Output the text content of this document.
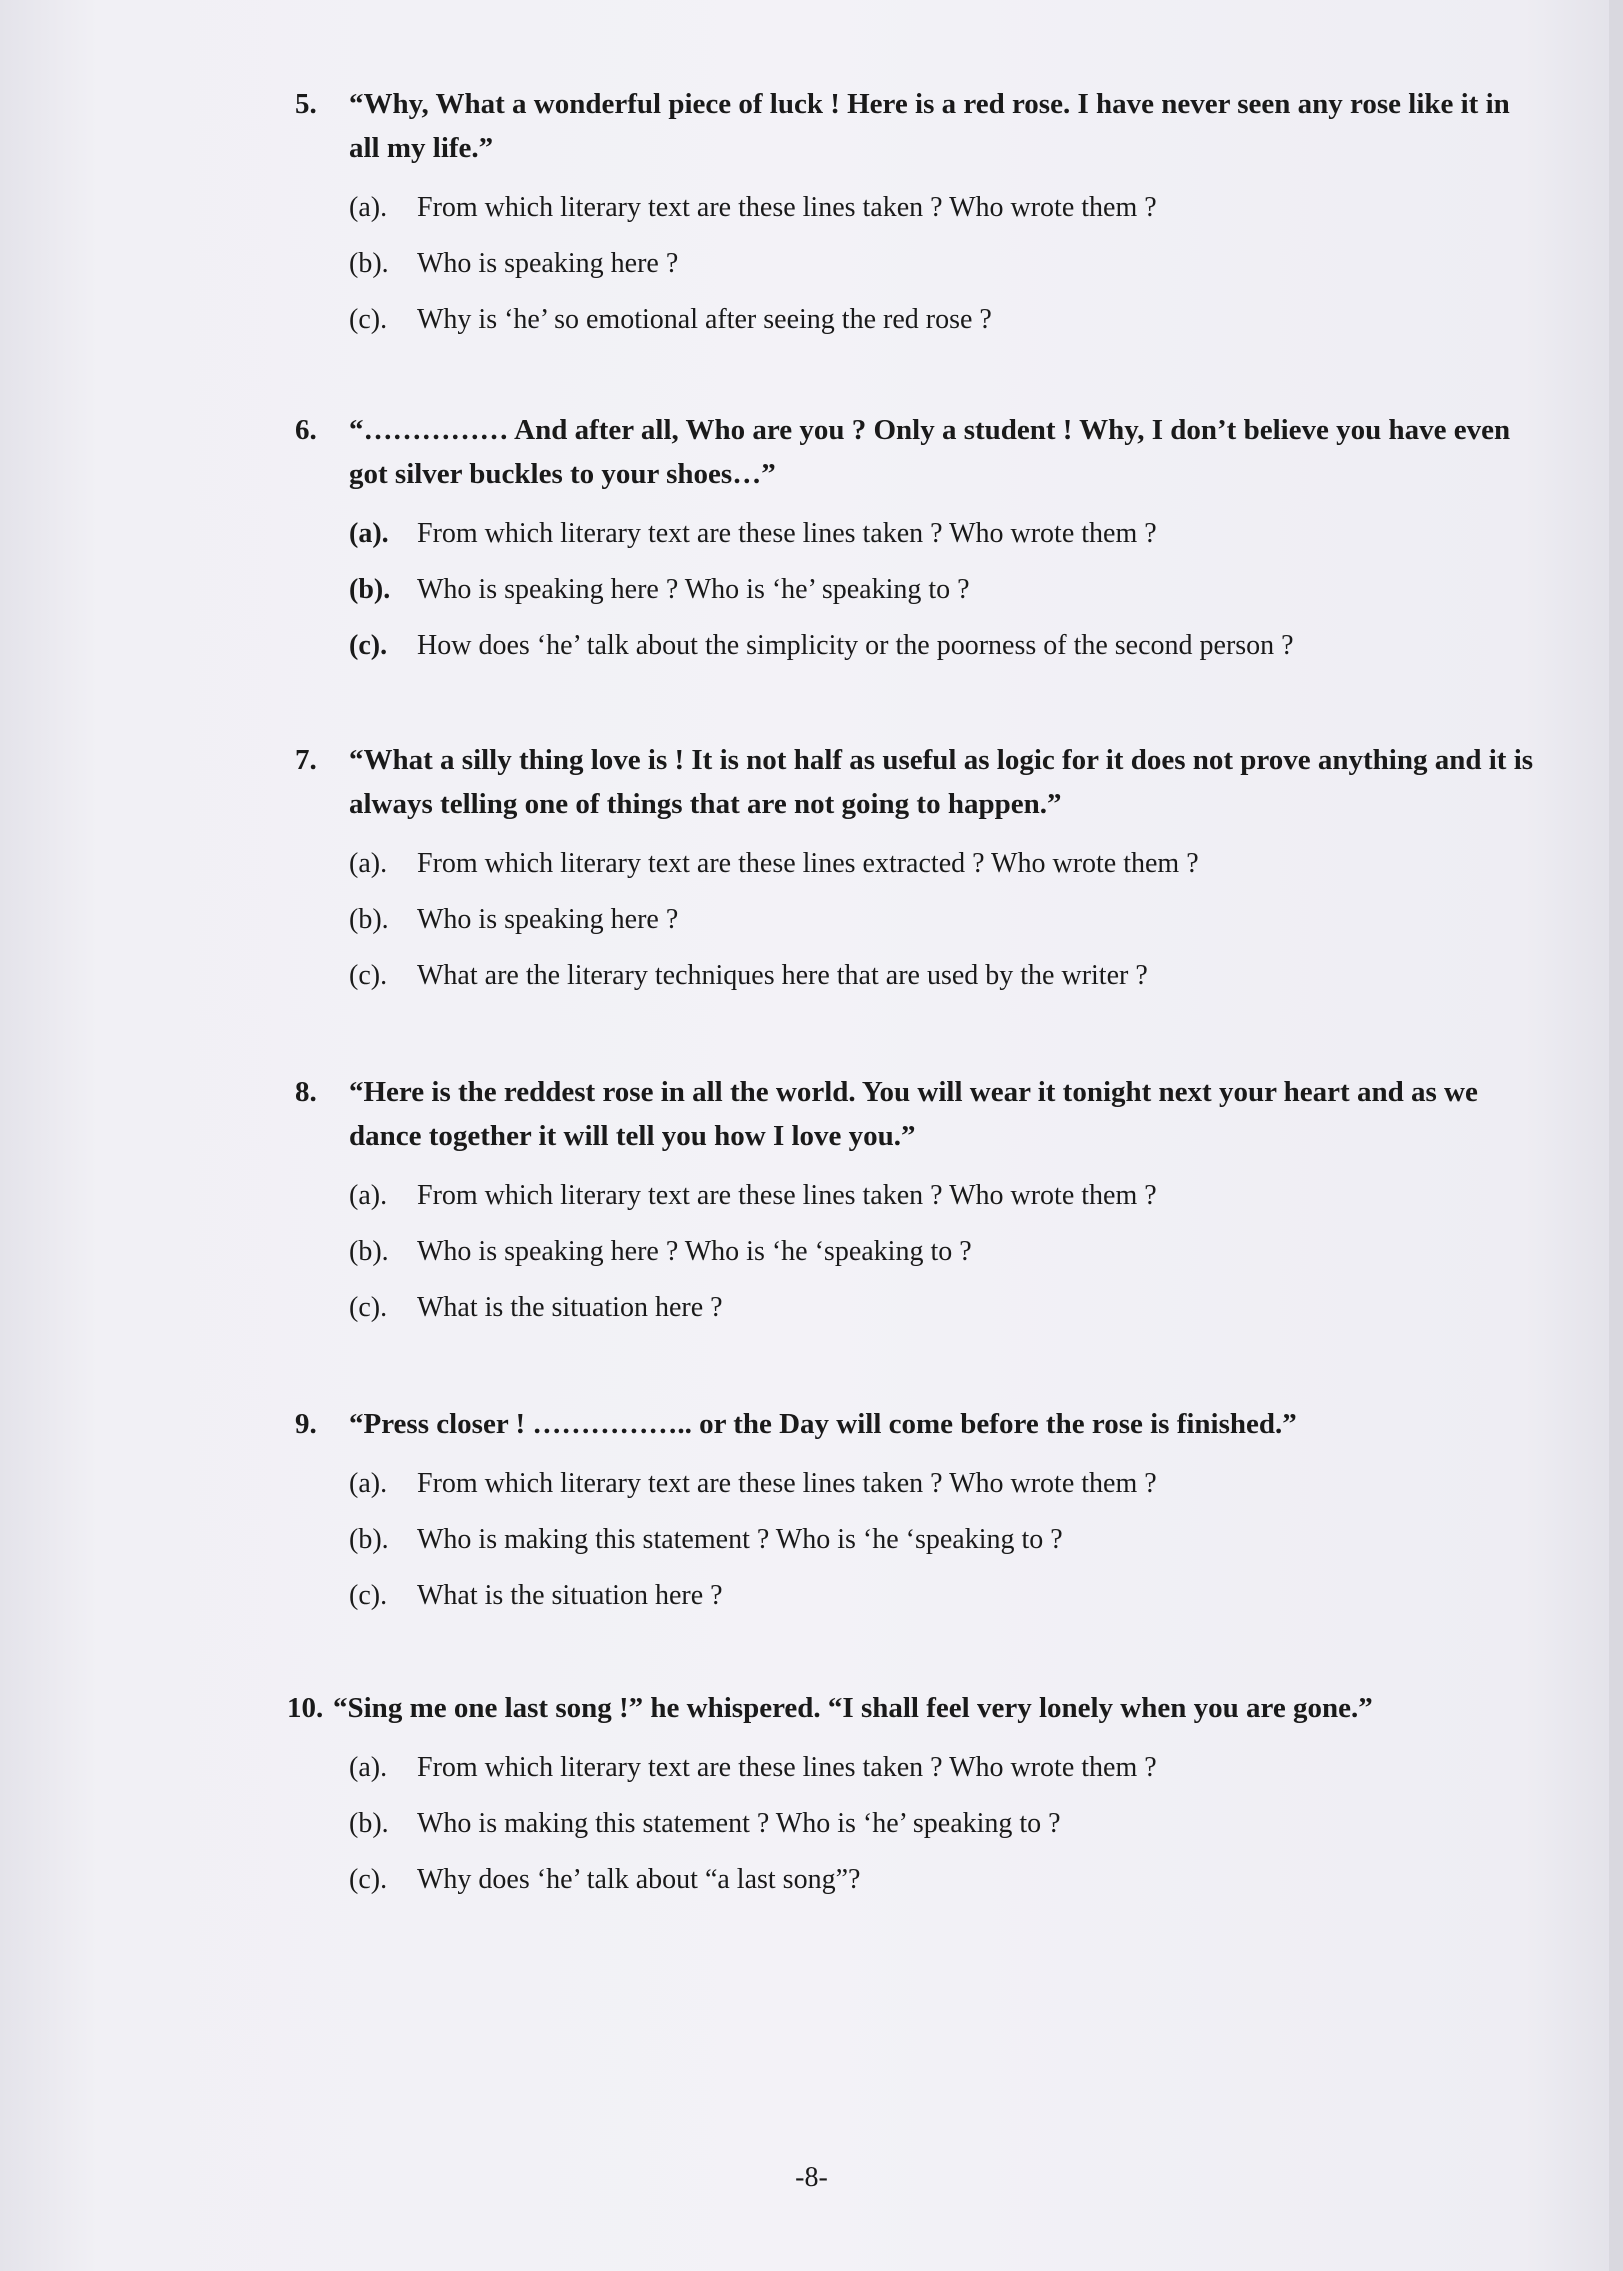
5.	“Why, What a wonderful piece of luck ! Here is a red rose. I have never seen any rose like it in all my life.”
(a).	From which literary text are these lines taken ? Who wrote them ?
(b).	Who is speaking here ?
(c).	Why is ‘he’ so emotional after seeing the red rose ?
6.	“…………… And after all, Who are you ? Only a student ! Why, I don’t believe you have even got silver buckles to your shoes…”
(a).	From which literary text are these lines taken ? Who wrote them ?
(b). Who is speaking here ? Who is ‘he’ speaking to ?
(c).	How does ‘he’ talk about the simplicity or the poorness of the second person ?
7.	“What a silly thing love is ! It is not half as useful as logic for it does not prove anything and it is always telling one of things that are not going to happen.”
(a).	From which literary text are these lines extracted ? Who wrote them ?
(b).	Who is speaking here ?
(c).	What are the literary techniques here that are used by the writer ?
8.	“Here is the reddest rose in all the world. You will wear it tonight next your heart and as we dance together it will tell you how I love you.”
(a).	From which literary text are these lines taken ? Who wrote them ?
(b).	Who is speaking here ? Who is ‘he ‘speaking to ?
(c).	What is the situation here ?
9.	“Press closer ! …………….. or the Day will come before the rose is finished.”
(a).	From which literary text are these lines taken ? Who wrote them ?
(b).	Who is making this statement ? Who is ‘he ‘speaking to ?
(c).	What is the situation here ?
10. “Sing me one last song !” he whispered. “I shall feel very lonely when you are gone.”
(a).	From which literary text are these lines taken ? Who wrote them ?
(b).	Who is making this statement ? Who is ‘he’ speaking to ?
(c).	Why does ‘he’ talk about “a last song”?
-8-
